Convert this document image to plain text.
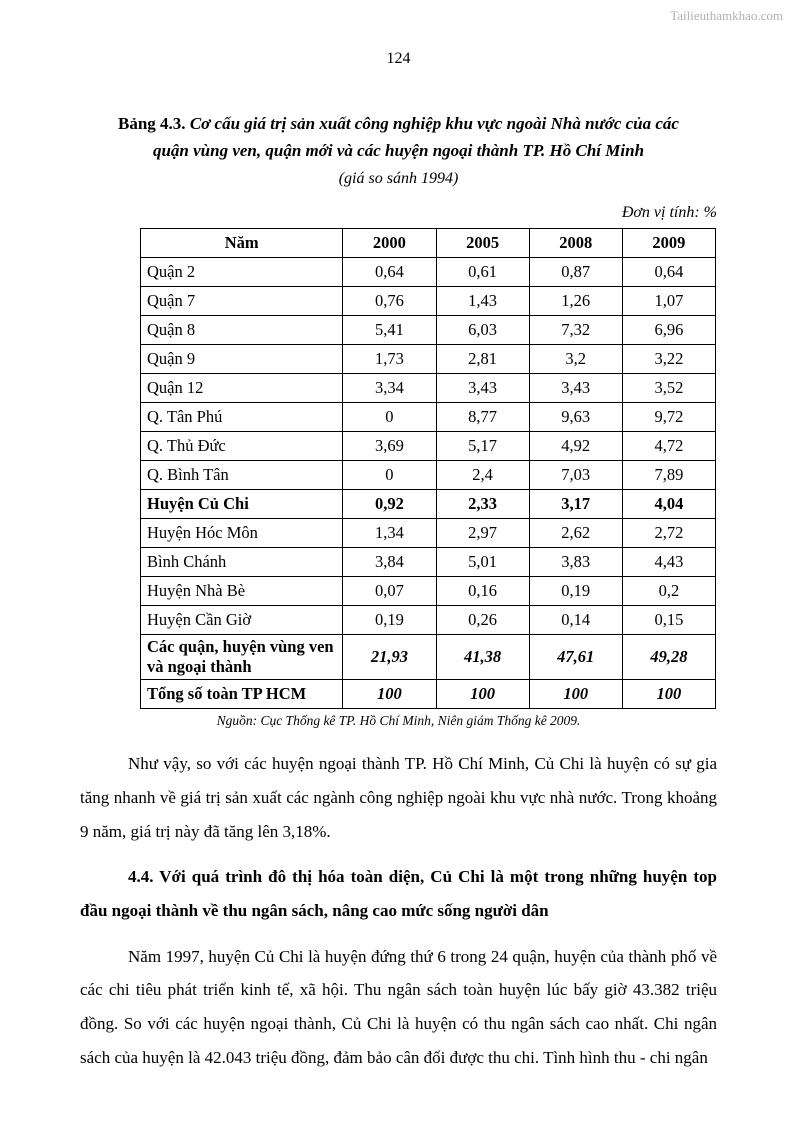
Tailieuthamkhao.com
124
Bảng 4.3. Cơ cấu giá trị sản xuất công nghiệp khu vực ngoài Nhà nước của các quận vùng ven, quận mới và các huyện ngoại thành TP. Hồ Chí Minh
(giá so sánh 1994)
Đơn vị tính: %
Năm	2000	2005	2008	2009
Quận 2	0,64	0,61	0,87	0,64
Quận 7	0,76	1,43	1,26	1,07
Quận 8	5,41	6,03	7,32	6,96
Quận 9	1,73	2,81	3,2	3,22
Quận 12	3,34	3,43	3,43	3,52
Q. Tân Phú	0	8,77	9,63	9,72
Q. Thủ Đức	3,69	5,17	4,92	4,72
Q. Bình Tân	0	2,4	7,03	7,89
Huyện Củ Chi	0,92	2,33	3,17	4,04
Huyện Hóc Môn	1,34	2,97	2,62	2,72
Bình Chánh	3,84	5,01	3,83	4,43
Huyện Nhà Bè	0,07	0,16	0,19	0,2
Huyện Cần Giờ	0,19	0,26	0,14	0,15
Các quận, huyện vùng ven và ngoại thành	21,93	41,38	47,61	49,28
Tổng số toàn TP HCM	100	100	100	100
Nguồn: Cục Thống kê TP. Hồ Chí Minh, Niên giám Thống kê 2009.

Như vậy, so với các huyện ngoại thành TP. Hồ Chí Minh, Củ Chi là huyện có sự gia tăng nhanh về giá trị sản xuất các ngành công nghiệp ngoài khu vực nhà nước. Trong khoảng 9 năm, giá trị này đã tăng lên 3,18%.

4.4. Với quá trình đô thị hóa toàn diện, Củ Chi là một trong những huyện top đầu ngoại thành về thu ngân sách, nâng cao mức sống người dân

Năm 1997, huyện Củ Chi là huyện đứng thứ 6 trong 24 quận, huyện của thành phố về các chi tiêu phát triển kinh tế, xã hội. Thu ngân sách toàn huyện lúc bấy giờ 43.382 triệu đồng. So với các huyện ngoại thành, Củ Chi là huyện có thu ngân sách cao nhất. Chi ngân sách của huyện là 42.043 triệu đồng, đảm bảo cân đối được thu chi. Tình hình thu - chi ngân
